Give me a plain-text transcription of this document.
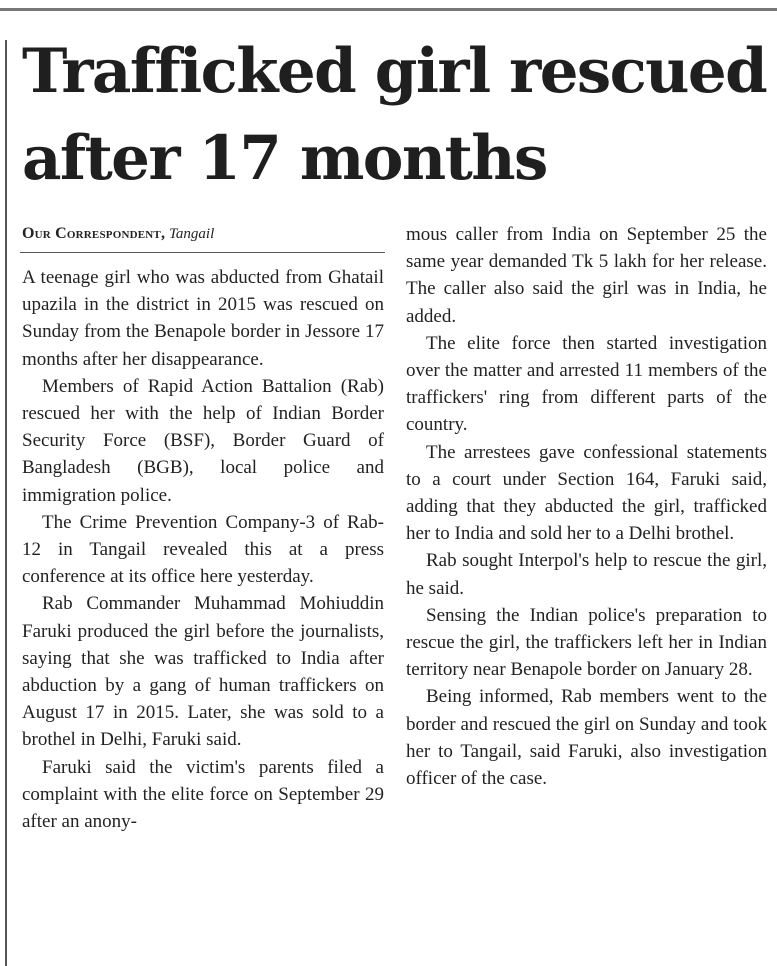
Trafficked girl rescued after 17 months
Our Correspondent, Tangail

A teenage girl who was abducted from Ghatail upazila in the district in 2015 was rescued on Sunday from the Benapole border in Jessore 17 months after her disappearance.

Members of Rapid Action Battalion (Rab) rescued her with the help of Indian Border Security Force (BSF), Border Guard of Bangladesh (BGB), local police and immigration police.

The Crime Prevention Company-3 of Rab-12 in Tangail revealed this at a press conference at its office here yesterday.

Rab Commander Muhammad Mohiuddin Faruki produced the girl before the journalists, saying that she was trafficked to India after abduction by a gang of human traffickers on August 17 in 2015. Later, she was sold to a brothel in Delhi, Faruki said.

Faruki said the victim's parents filed a complaint with the elite force on September 29 after an anony-

mous caller from India on September 25 the same year demanded Tk 5 lakh for her release. The caller also said the girl was in India, he added.

The elite force then started investigation over the matter and arrested 11 members of the traffickers' ring from different parts of the country.

The arrestees gave confessional statements to a court under Section 164, Faruki said, adding that they abducted the girl, trafficked her to India and sold her to a Delhi brothel.

Rab sought Interpol's help to rescue the girl, he said.

Sensing the Indian police's preparation to rescue the girl, the traffickers left her in Indian territory near Benapole border on January 28.

Being informed, Rab members went to the border and rescued the girl on Sunday and took her to Tangail, said Faruki, also investigation officer of the case.
